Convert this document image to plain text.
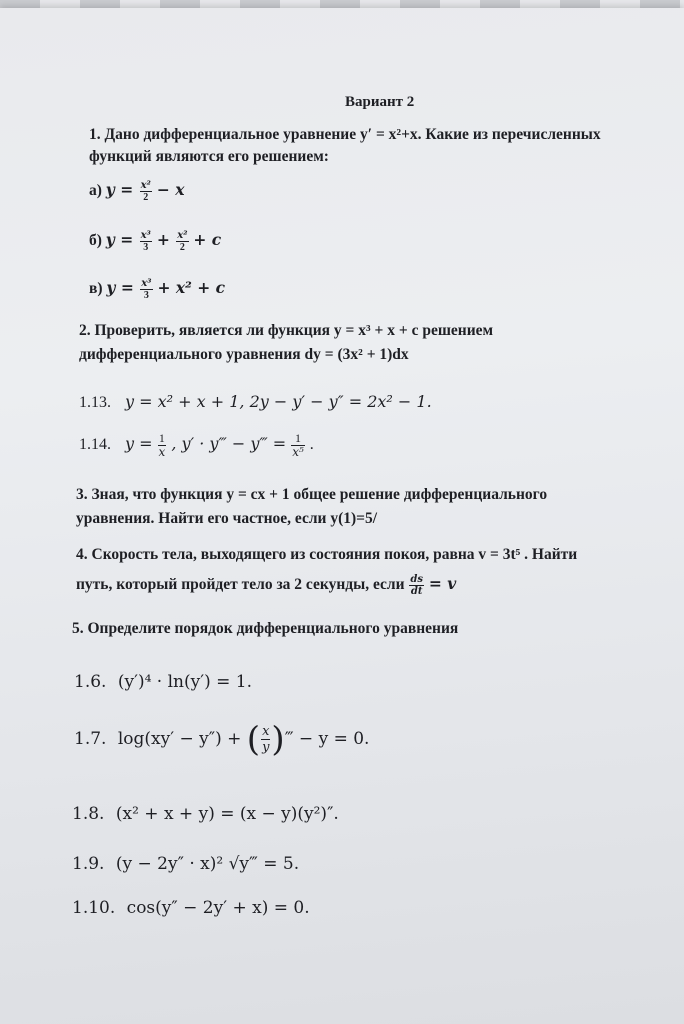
Вариант 2
1. Дано дифференциальное уравнение y′ = x²+x. Какие из перечисленных
функций являются его решением:
а) $y = \frac{\text{x²}}{2} - x$
б) $y = \frac{\text{x³}}{3} + \frac{\text{x²}}{2} + c$
в) $y = \frac{\text{x³}}{3} + x^2 + c$
2. Проверить, является ли функция y = x³ + x + c решением
дифференциального уравнения dy = (3x² + 1)dx
1.13. y = x² + x + 1, 2y − y′ − y″ = 2x² − 1.
1.14. $y = \frac{1}{x}$ , y′ · y‴ − y‴ = $\frac{1}{\text{x⁵}}$ .
3. Зная, что функция y = cx + 1 общее решение дифференциального
уравнения. Найти его частное, если y(1)=5/
4. Скорость тела, выходящего из состояния покоя, равна v = 3t⁵ . Найти
путь, который пройдет тело за 2 секунды, если $\frac{ds}{dt} = v$
5. Определите порядок дифференциального уравнения
1.6. (y′)⁴ · ln(y′) = 1.
1.7. log(xy′ − y″) + ( $\frac{x}{y}$ )‴ − y = 0.
1.8. (x² + x + y) = (x − y)(y²)″.
1.9. (y − 2y″ · x)² √y‴ = 5.
1.10. cos(y″ − 2y′ + x) = 0.
